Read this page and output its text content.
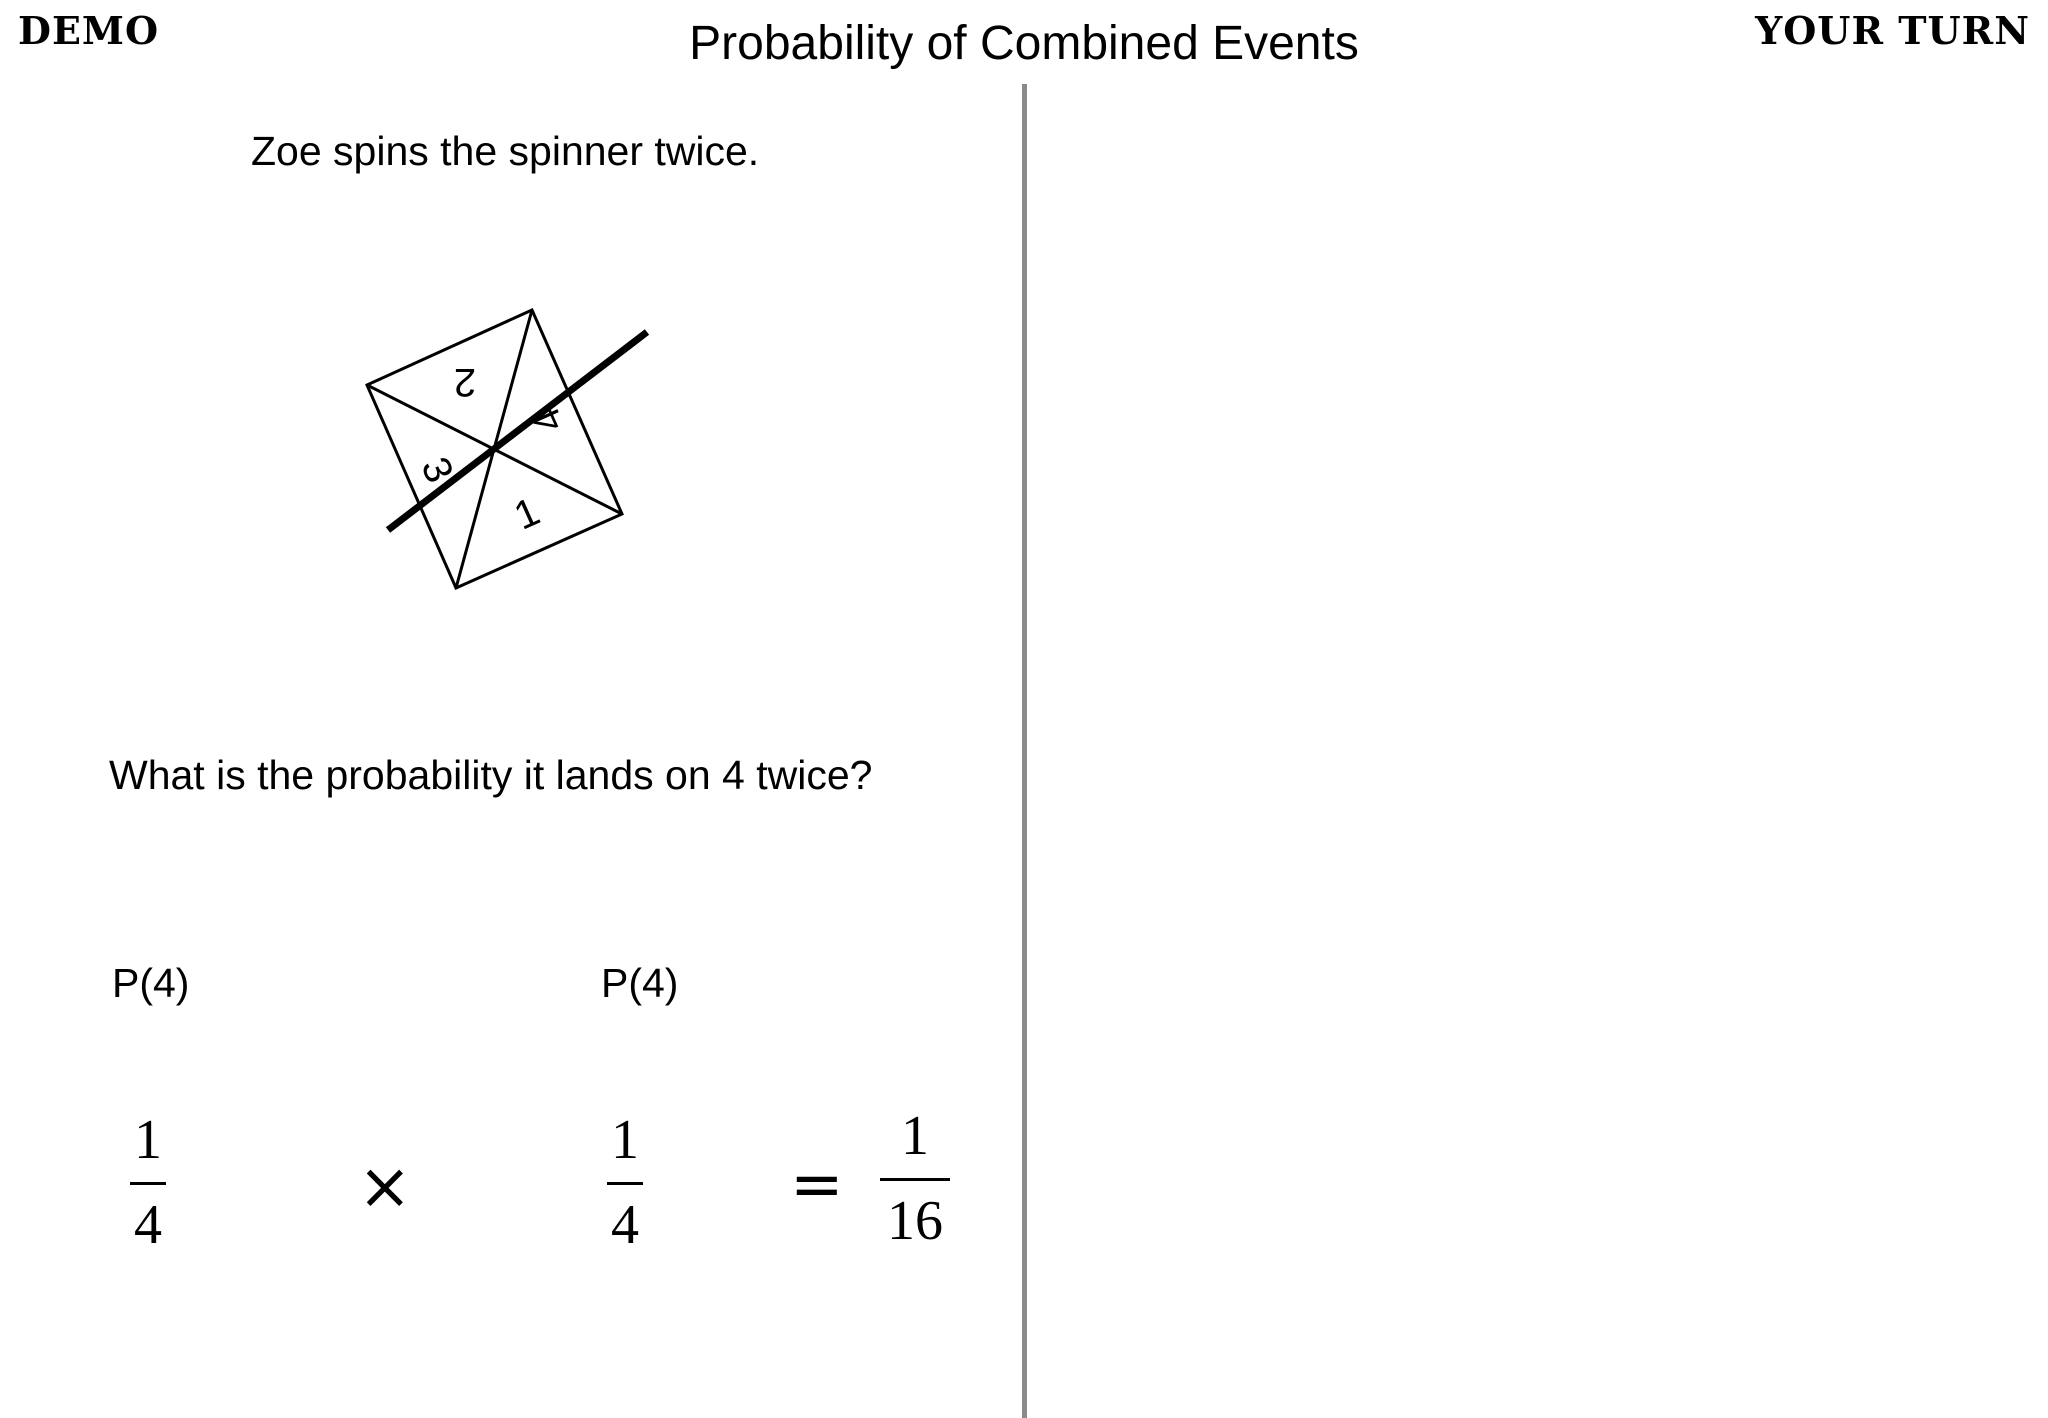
DEMO	Probability of Combined Events	YOUR TURN
Zoe spins the spinner twice.
2
4
1
3
What is the probability it lands on 4 twice?
P(4)	P(4)
1
4
×
1
4
=
1
16
